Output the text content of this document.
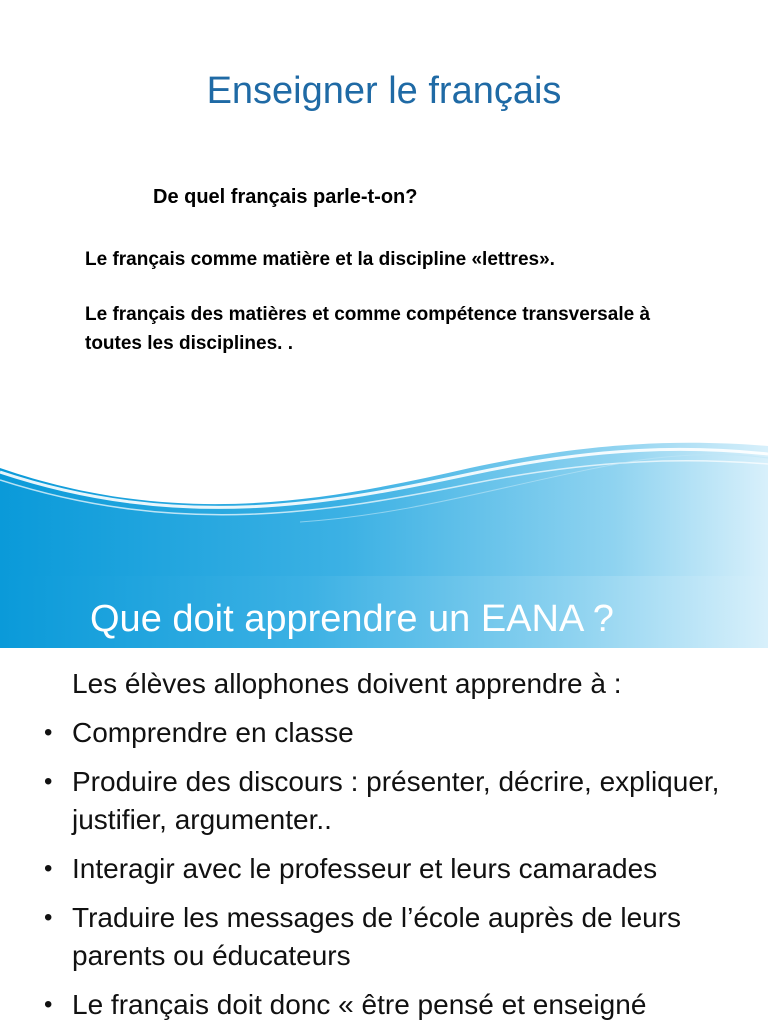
Enseigner le français
De quel français parle-t-on?
Le français comme matière et la discipline «lettres».
Le français des matières et comme compétence transversale à toutes les disciplines. .
Que doit apprendre un EANA ?
Les élèves allophones doivent apprendre à :
• Comprendre en classe
• Produire des discours : présenter, décrire, expliquer, justifier, argumenter..
• Interagir avec le professeur et leurs camarades
• Traduire les messages de l’école auprès de leurs parents ou éducateurs
• Le français doit donc « être pensé et enseigné
